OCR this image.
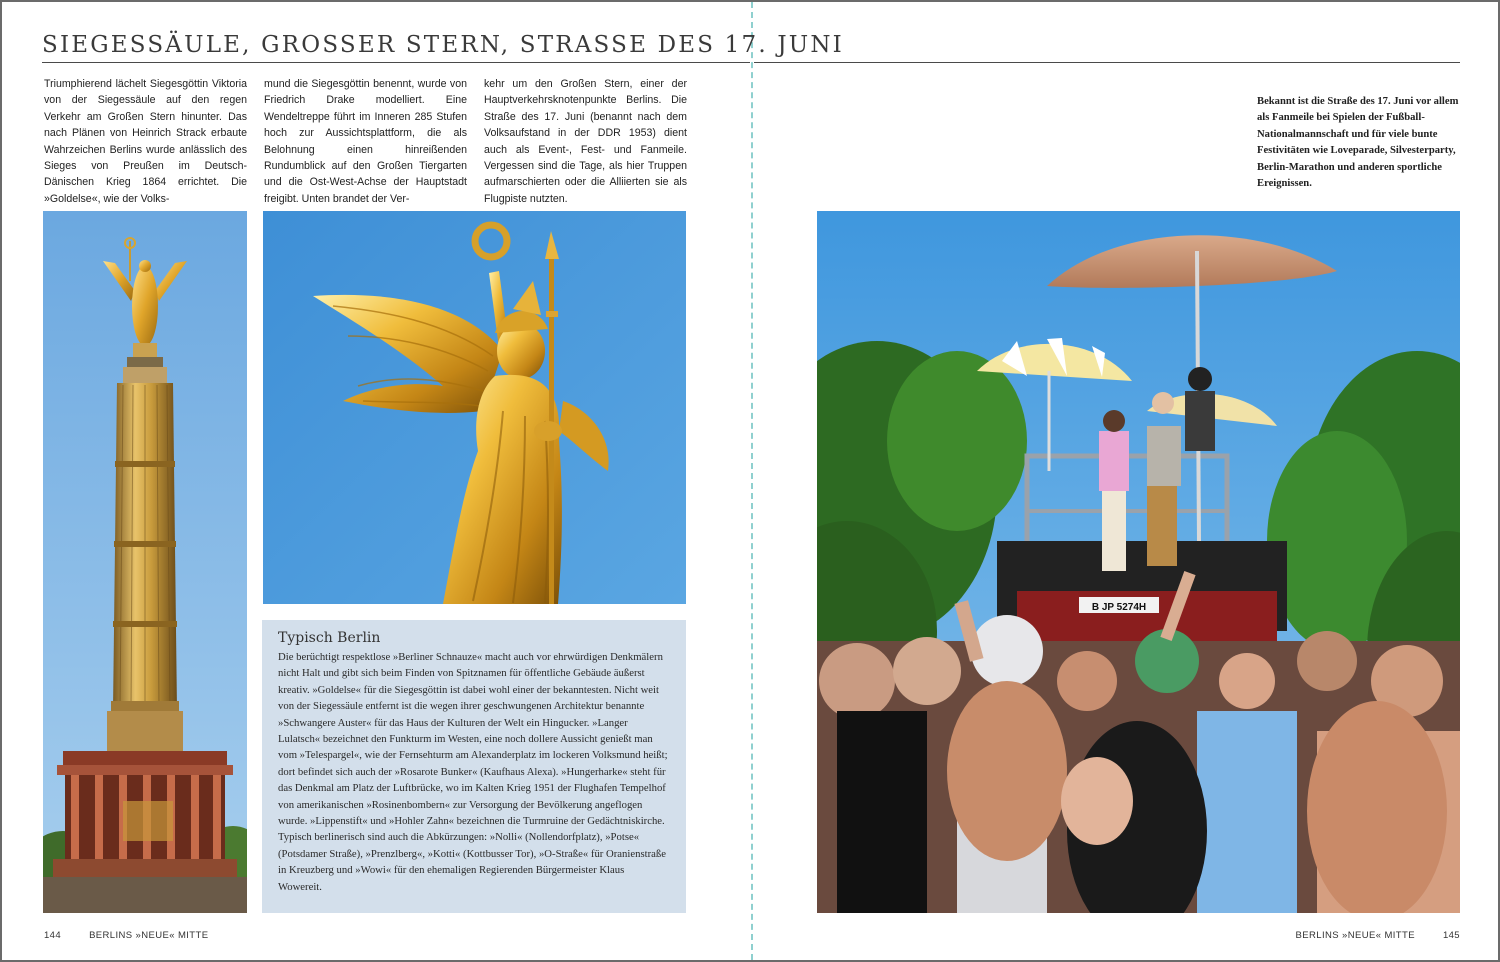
SIEGESSÄULE, GROSSER STERN, STRASSE DES 17. JUNI

Triumphierend lächelt Siegesgöttin Viktoria von der Siegessäule auf den regen Verkehr am Großen Stern hinunter. Das nach Plänen von Heinrich Strack erbaute Wahrzeichen Berlins wurde anlässlich des Sieges von Preußen im Deutsch-Dänischen Krieg 1864 errichtet. Die »Goldelse«, wie der Volks-

mund die Siegesgöttin benennt, wurde von Friedrich Drake modelliert. Eine Wendeltreppe führt im Inneren 285 Stufen hoch zur Aussichtsplattform, die als Belohnung einen hinreißenden Rundumblick auf den Großen Tiergarten und die Ost-West-Achse der Hauptstadt freigibt. Unten brandet der Ver-

kehr um den Großen Stern, einer der Hauptverkehrsknotenpunkte Berlins. Die Straße des 17. Juni (benannt nach dem Volksaufstand in der DDR 1953) dient auch als Event-, Fest- und Fanmeile. Vergessen sind die Tage, als hier Truppen aufmarschierten oder die Alliierten sie als Flugpiste nutzten.

Bekannt ist die Straße des 17. Juni vor allem als Fanmeile bei Spielen der Fußball-Nationalmannschaft und für viele bunte Festivitäten wie Loveparade, Silvesterparty, Berlin-Marathon und anderen sportliche Ereignissen.
Typisch Berlin
Die berüchtigt respektlose »Berliner Schnauze« macht auch vor ehrwürdigen Denkmälern nicht Halt und gibt sich beim Finden von Spitznamen für öffentliche Gebäude äußerst kreativ. »Goldelse« für die Siegesgöttin ist dabei wohl einer der bekanntesten. Nicht weit von der Siegessäule entfernt ist die wegen ihrer geschwungenen Architektur benannte »Schwangere Auster« für das Haus der Kulturen der Welt ein Hingucker. »Langer Lulatsch« bezeichnet den Funkturm im Westen, eine noch dollere Aussicht genießt man vom »Telespargel«, wie der Fernsehturm am Alexanderplatz im lockeren Volksmund heißt; dort befindet sich auch der »Rosarote Bunker« (Kaufhaus Alexa). »Hungerharke« steht für das Denkmal am Platz der Luftbrücke, wo im Kalten Krieg 1951 der Flughafen Tempelhof von amerikanischen »Rosinenbombern« zur Versorgung der Bevölkerung angeflogen wurde. »Lippenstift« und »Hohler Zahn« bezeichnen die Turmruine der Gedächtniskirche. Typisch berlinerisch sind auch die Abkürzungen: »Nolli« (Nollendorfplatz), »Potse« (Potsdamer Straße), »Prenzlberg«, »Kotti« (Kottbusser Tor), »O-Straße« für Oranienstraße in Kreuzberg und »Wowi« für den ehemaligen Regierenden Bürgermeister Klaus Wowereit.
B JP 5274H
144	BERLINS »NEUE« MITTE	BERLINS »NEUE« MITTE	145
